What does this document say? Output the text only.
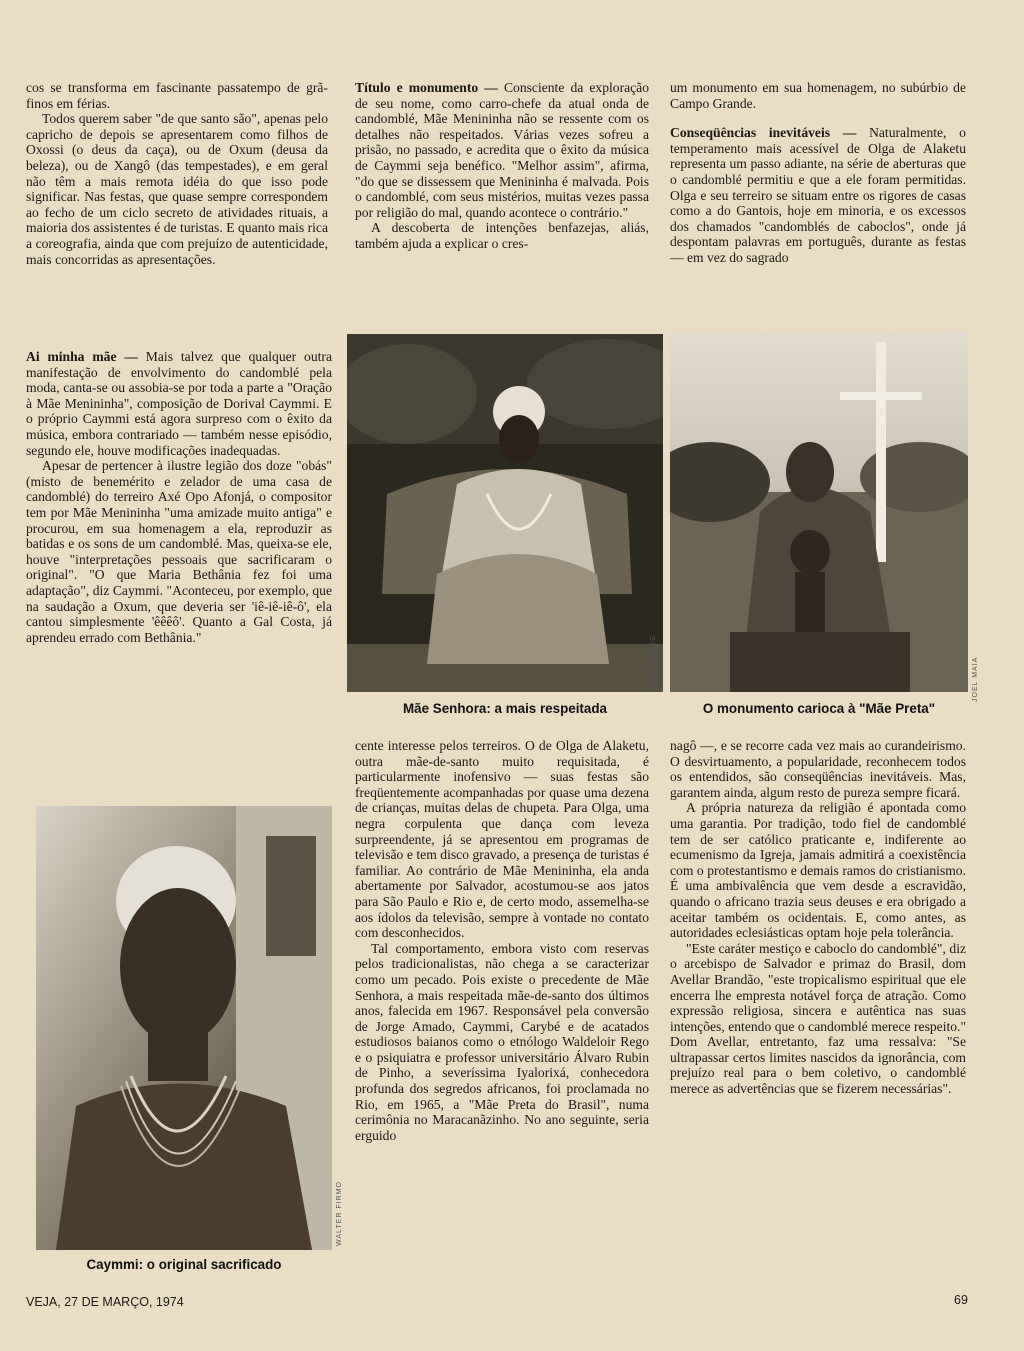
cos se transforma em fascinante passatempo de grã-finos em férias.

Todos querem saber "de que santo são", apenas pelo capricho de depois se apresentarem como filhos de Oxossi (o deus da caça), ou de Oxum (deusa da beleza), ou de Xangô (das tempestades), e em geral não têm a mais remota idéia do que isso pode significar. Nas festas, que quase sempre correspondem ao fecho de um ciclo secreto de atividades rituais, a maioria dos assistentes é de turistas. E quanto mais rica a coreografia, ainda que com prejuízo de autenticidade, mais concorridas as apresentações.

Ai minha mãe — Mais talvez que qualquer outra manifestação de envolvimento do candomblé pela moda, canta-se ou assobia-se por toda a parte a "Oração à Mãe Menininha", composição de Dorival Caymmi. E o próprio Caymmi está agora surpreso com o êxito da música, embora contrariado — também nesse episódio, segundo ele, houve modificações inadequadas.

Apesar de pertencer à ilustre legião dos doze "obás" (misto de benemérito e zelador de uma casa de candomblé) do terreiro Axé Opo Afonjá, o compositor tem por Mãe Menininha "uma amizade muito antiga" e procurou, em sua homenagem a ela, reproduzir as batidas e os sons de um candomblé. Mas, queixa-se ele, houve "interpretações pessoais que sacrificaram o original". "O que Maria Bethânia fez foi uma adaptação", diz Caymmi. "Aconteceu, por exemplo, que na saudação a Oxum, que deveria ser 'iê-iê-iê-ô', ela cantou simplesmente 'êêêô'. Quanto a Gal Costa, já aprendeu errado com Bethânia."

WALTER FIRMO
Caymmi: o original sacrificado

Título e monumento — Consciente da exploração de seu nome, como carro-chefe da atual onda de candomblé, Mãe Menininha não se ressente com os detalhes não respeitados. Várias vezes sofreu a prisão, no passado, e acredita que o êxito da música de Caymmi seja benéfico. "Melhor assim", afirma, "do que se dissessem que Menininha é malvada. Pois o candomblé, com seus mistérios, muitas vezes passa por religião do mal, quando acontece o contrário."

A descoberta de intenções benfazejas, aliás, também ajuda a explicar o cres-

ABRIL PRESS
Mãe Senhora: a mais respeitada

cente interesse pelos terreiros. O de Olga de Alaketu, outra mãe-de-santo muito requisitada, é particularmente inofensivo — suas festas são freqüentemente acompanhadas por quase uma dezena de crianças, muitas delas de chupeta. Para Olga, uma negra corpulenta que dança com leveza surpreendente, já se apresentou em programas de televisão e tem disco gravado, a presença de turistas é familiar. Ao contrário de Mãe Menininha, ela anda abertamente por Salvador, acostumou-se aos jatos para São Paulo e Rio e, de certo modo, assemelha-se aos ídolos da televisão, sempre à vontade no contato com desconhecidos.

Tal comportamento, embora visto com reservas pelos tradicionalistas, não chega a se caracterizar como um pecado. Pois existe o precedente de Mãe Senhora, a mais respeitada mãe-de-santo dos últimos anos, falecida em 1967. Responsável pela conversão de Jorge Amado, Caymmi, Carybé e de acatados estudiosos baianos como o etnólogo Waldeloir Rego e o psiquiatra e professor universitário Álvaro Rubin de Pinho, a severíssima Iyalorixá, conhecedora profunda dos segredos africanos, foi proclamada no Rio, em 1965, a "Mãe Preta do Brasil", numa cerimônia no Maracanãzinho. No ano seguinte, seria erguido

um monumento em sua homenagem, no subúrbio de Campo Grande.

Conseqüências inevitáveis — Naturalmente, o temperamento mais acessível de Olga de Alaketu representa um passo adiante, na série de aberturas que o candomblé permitiu e que a ele foram permitidas. Olga e seu terreiro se situam entre os rigores de casas como a do Gantois, hoje em minoria, e os excessos dos chamados "candomblés de caboclos", onde já despontam palavras em português, durante as festas — em vez do sagrado

JOEL MAIA
O monumento carioca à "Mãe Preta"

nagô —, e se recorre cada vez mais ao curandeirismo. O desvirtuamento, a popularidade, reconhecem todos os entendidos, são conseqüências inevitáveis. Mas, garantem ainda, algum resto de pureza sempre ficará.

A própria natureza da religião é apontada como uma garantia. Por tradição, todo fiel de candomblé tem de ser católico praticante e, indiferente ao ecumenismo da Igreja, jamais admitirá a coexistência com o protestantismo e demais ramos do cristianismo. É uma ambivalência que vem desde a escravidão, quando o africano trazia seus deuses e era obrigado a aceitar também os ocidentais. E, como antes, as autoridades eclesiásticas optam hoje pela tolerância.

"Este caráter mestiço e caboclo do candomblé", diz o arcebispo de Salvador e primaz do Brasil, dom Avellar Brandão, "este tropicalismo espiritual que ele encerra lhe empresta notável força de atração. Como expressão religiosa, sincera e autêntica nas suas intenções, entendo que o candomblé merece respeito." Dom Avellar, entretanto, faz uma ressalva: "Se ultrapassar certos limites nascidos da ignorância, com prejuízo real para o bem coletivo, o candomblé merece as advertências que se fizerem necessárias".

VEJA, 27 DE MARÇO, 1974	69
